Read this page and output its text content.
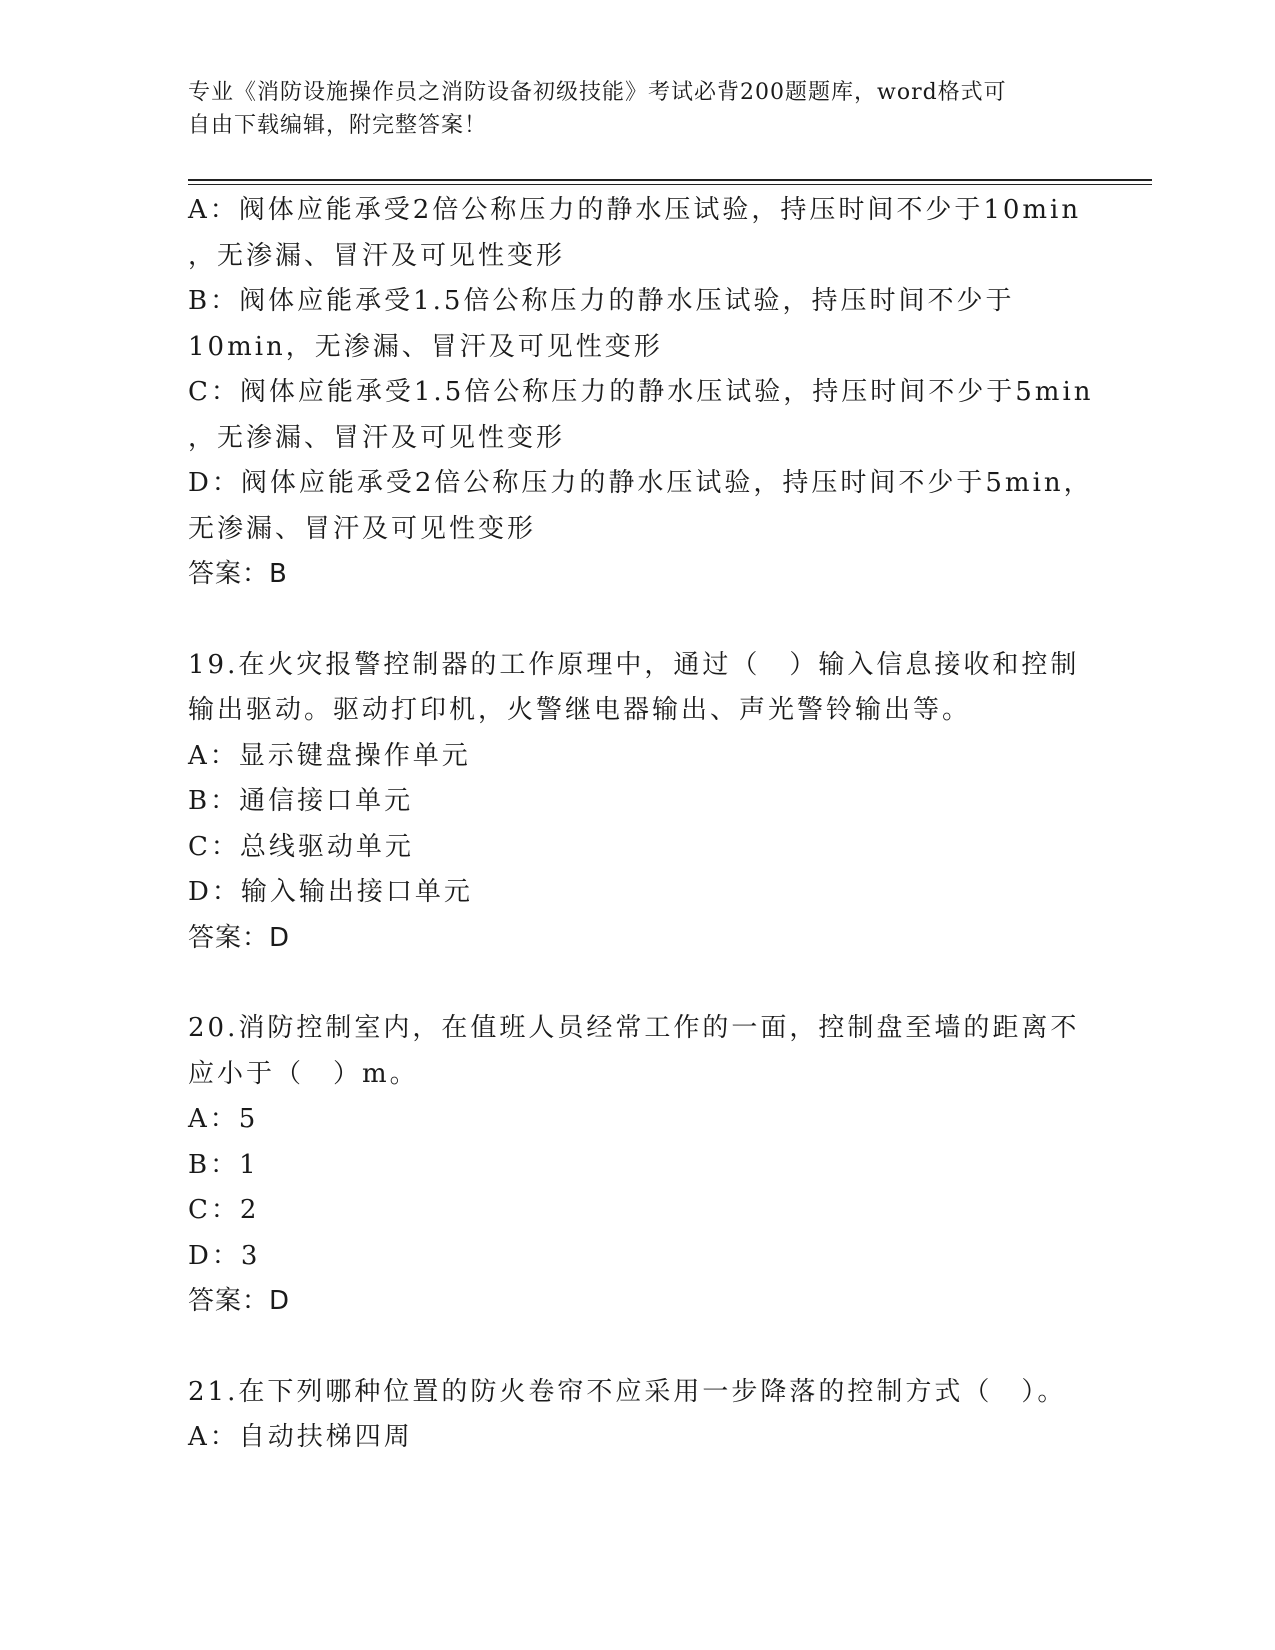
专业《消防设施操作员之消防设备初级技能》考试必背200题题库，word格式可
自由下载编辑，附完整答案！
A：阀体应能承受2倍公称压力的静水压试验，持压时间不少于10min
，无渗漏、冒汗及可见性变形
B：阀体应能承受1.5倍公称压力的静水压试验，持压时间不少于
10min，无渗漏、冒汗及可见性变形
C：阀体应能承受1.5倍公称压力的静水压试验，持压时间不少于5min
，无渗漏、冒汗及可见性变形
D：阀体应能承受2倍公称压力的静水压试验，持压时间不少于5min，
无渗漏、冒汗及可见性变形
答案：B
19.在火灾报警控制器的工作原理中，通过（　）输入信息接收和控制
输出驱动。驱动打印机，火警继电器输出、声光警铃输出等。
A：显示键盘操作单元
B：通信接口单元
C：总线驱动单元
D：输入输出接口单元
答案：D
20.消防控制室内，在值班人员经常工作的一面，控制盘至墙的距离不
应小于（　）m。
A：5
B：1
C：2
D：3
答案：D
21.在下列哪种位置的防火卷帘不应采用一步降落的控制方式（　）。
A：自动扶梯四周
